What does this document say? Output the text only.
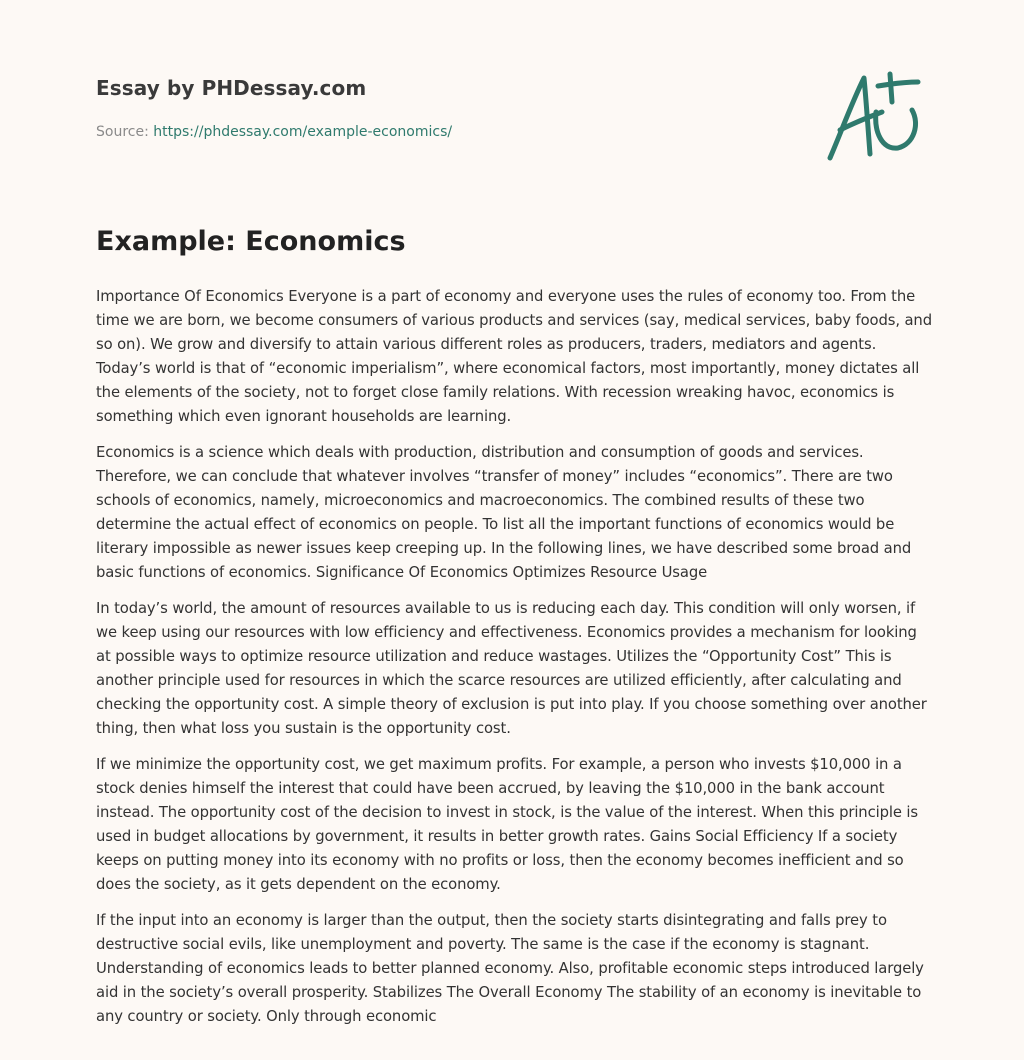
Essay by PHDessay.com
Source: https://phdessay.com/example-economics/
Example: Economics

Importance Of Economics Everyone is a part of economy and everyone uses the rules of economy too. From the time we are born, we become consumers of various products and services (say, medical services, baby foods, and so on). We grow and diversify to attain various different roles as producers, traders, mediators and agents. Today’s world is that of “economic imperialism”, where economical factors, most importantly, money dictates all the elements of the society, not to forget close family relations. With recession wreaking havoc, economics is something which even ignorant households are learning.

Economics is a science which deals with production, distribution and consumption of goods and services. Therefore, we can conclude that whatever involves “transfer of money” includes “economics”. There are two schools of economics, namely, microeconomics and macroeconomics. The combined results of these two determine the actual effect of economics on people. To list all the important functions of economics would be literary impossible as newer issues keep creeping up. In the following lines, we have described some broad and basic functions of economics. Significance Of Economics Optimizes Resource Usage

In today’s world, the amount of resources available to us is reducing each day. This condition will only worsen, if we keep using our resources with low efficiency and effectiveness. Economics provides a mechanism for looking at possible ways to optimize resource utilization and reduce wastages. Utilizes the “Opportunity Cost” This is another principle used for resources in which the scarce resources are utilized efficiently, after calculating and checking the opportunity cost. A simple theory of exclusion is put into play. If you choose something over another thing, then what loss you sustain is the opportunity cost.

If we minimize the opportunity cost, we get maximum profits. For example, a person who invests $10,000 in a stock denies himself the interest that could have been accrued, by leaving the $10,000 in the bank account instead. The opportunity cost of the decision to invest in stock, is the value of the interest. When this principle is used in budget allocations by government, it results in better growth rates. Gains Social Efficiency If a society keeps on putting money into its economy with no profits or loss, then the economy becomes inefficient and so does the society, as it gets dependent on the economy.

If the input into an economy is larger than the output, then the society starts disintegrating and falls prey to destructive social evils, like unemployment and poverty. The same is the case if the economy is stagnant. Understanding of economics leads to better planned economy. Also, profitable economic steps introduced largely aid in the society’s overall prosperity. Stabilizes The Overall Economy The stability of an economy is inevitable to any country or society. Only through economic
